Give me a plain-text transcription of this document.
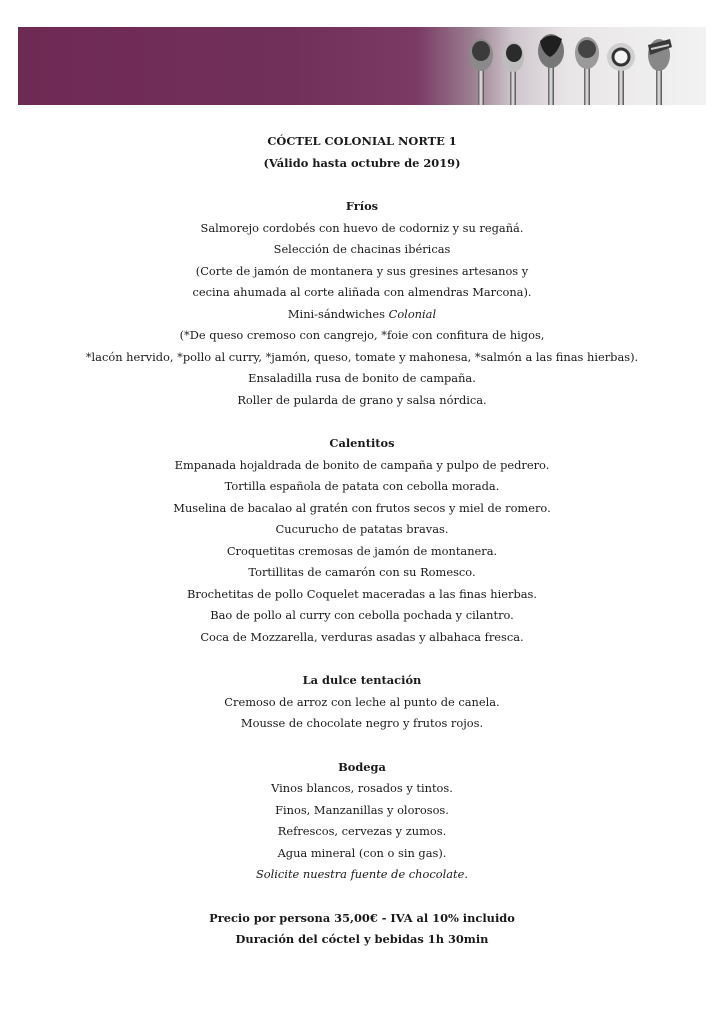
CÓCTEL COLONIAL NORTE 1

(Válido hasta octubre de 2019)

Fríos

Salmorejo cordobés con huevo de codorniz y su regañá.

Selección de chacinas ibéricas

(Corte de jamón de montanera y sus gresines artesanos y

cecina ahumada al corte aliñada con almendras Marcona).

Mini-sándwiches Colonial

(*De queso cremoso con cangrejo, *foie con confitura de higos,

*lacón hervido, *pollo al curry, *jamón, queso, tomate y mahonesa, *salmón a las finas hierbas).

Ensaladilla rusa de bonito de campaña.

Roller de pularda de grano y salsa nórdica.

Calentitos

Empanada hojaldrada de bonito de campaña y pulpo de pedrero.

Tortilla española de patata con cebolla morada.

Muselina de bacalao al gratén con frutos secos y miel de romero.

Cucurucho de patatas bravas.

Croquetitas cremosas de jamón de montanera.

Tortillitas de camarón con su Romesco.

Brochetitas de pollo Coquelet maceradas a las finas hierbas.

Bao de pollo al curry con cebolla pochada y cilantro.

Coca de Mozzarella, verduras asadas y albahaca fresca.

La dulce tentación

Cremoso de arroz con leche al punto de canela.

Mousse de chocolate negro y frutos rojos.

Bodega

Vinos blancos, rosados y tintos.

Finos, Manzanillas y olorosos.

Refrescos, cervezas y zumos.

Agua mineral (con o sin gas).

Solicite nuestra fuente de chocolate.

Precio por persona 35,00€ - IVA al 10% incluido

Duración del cóctel y bebidas 1h 30min
